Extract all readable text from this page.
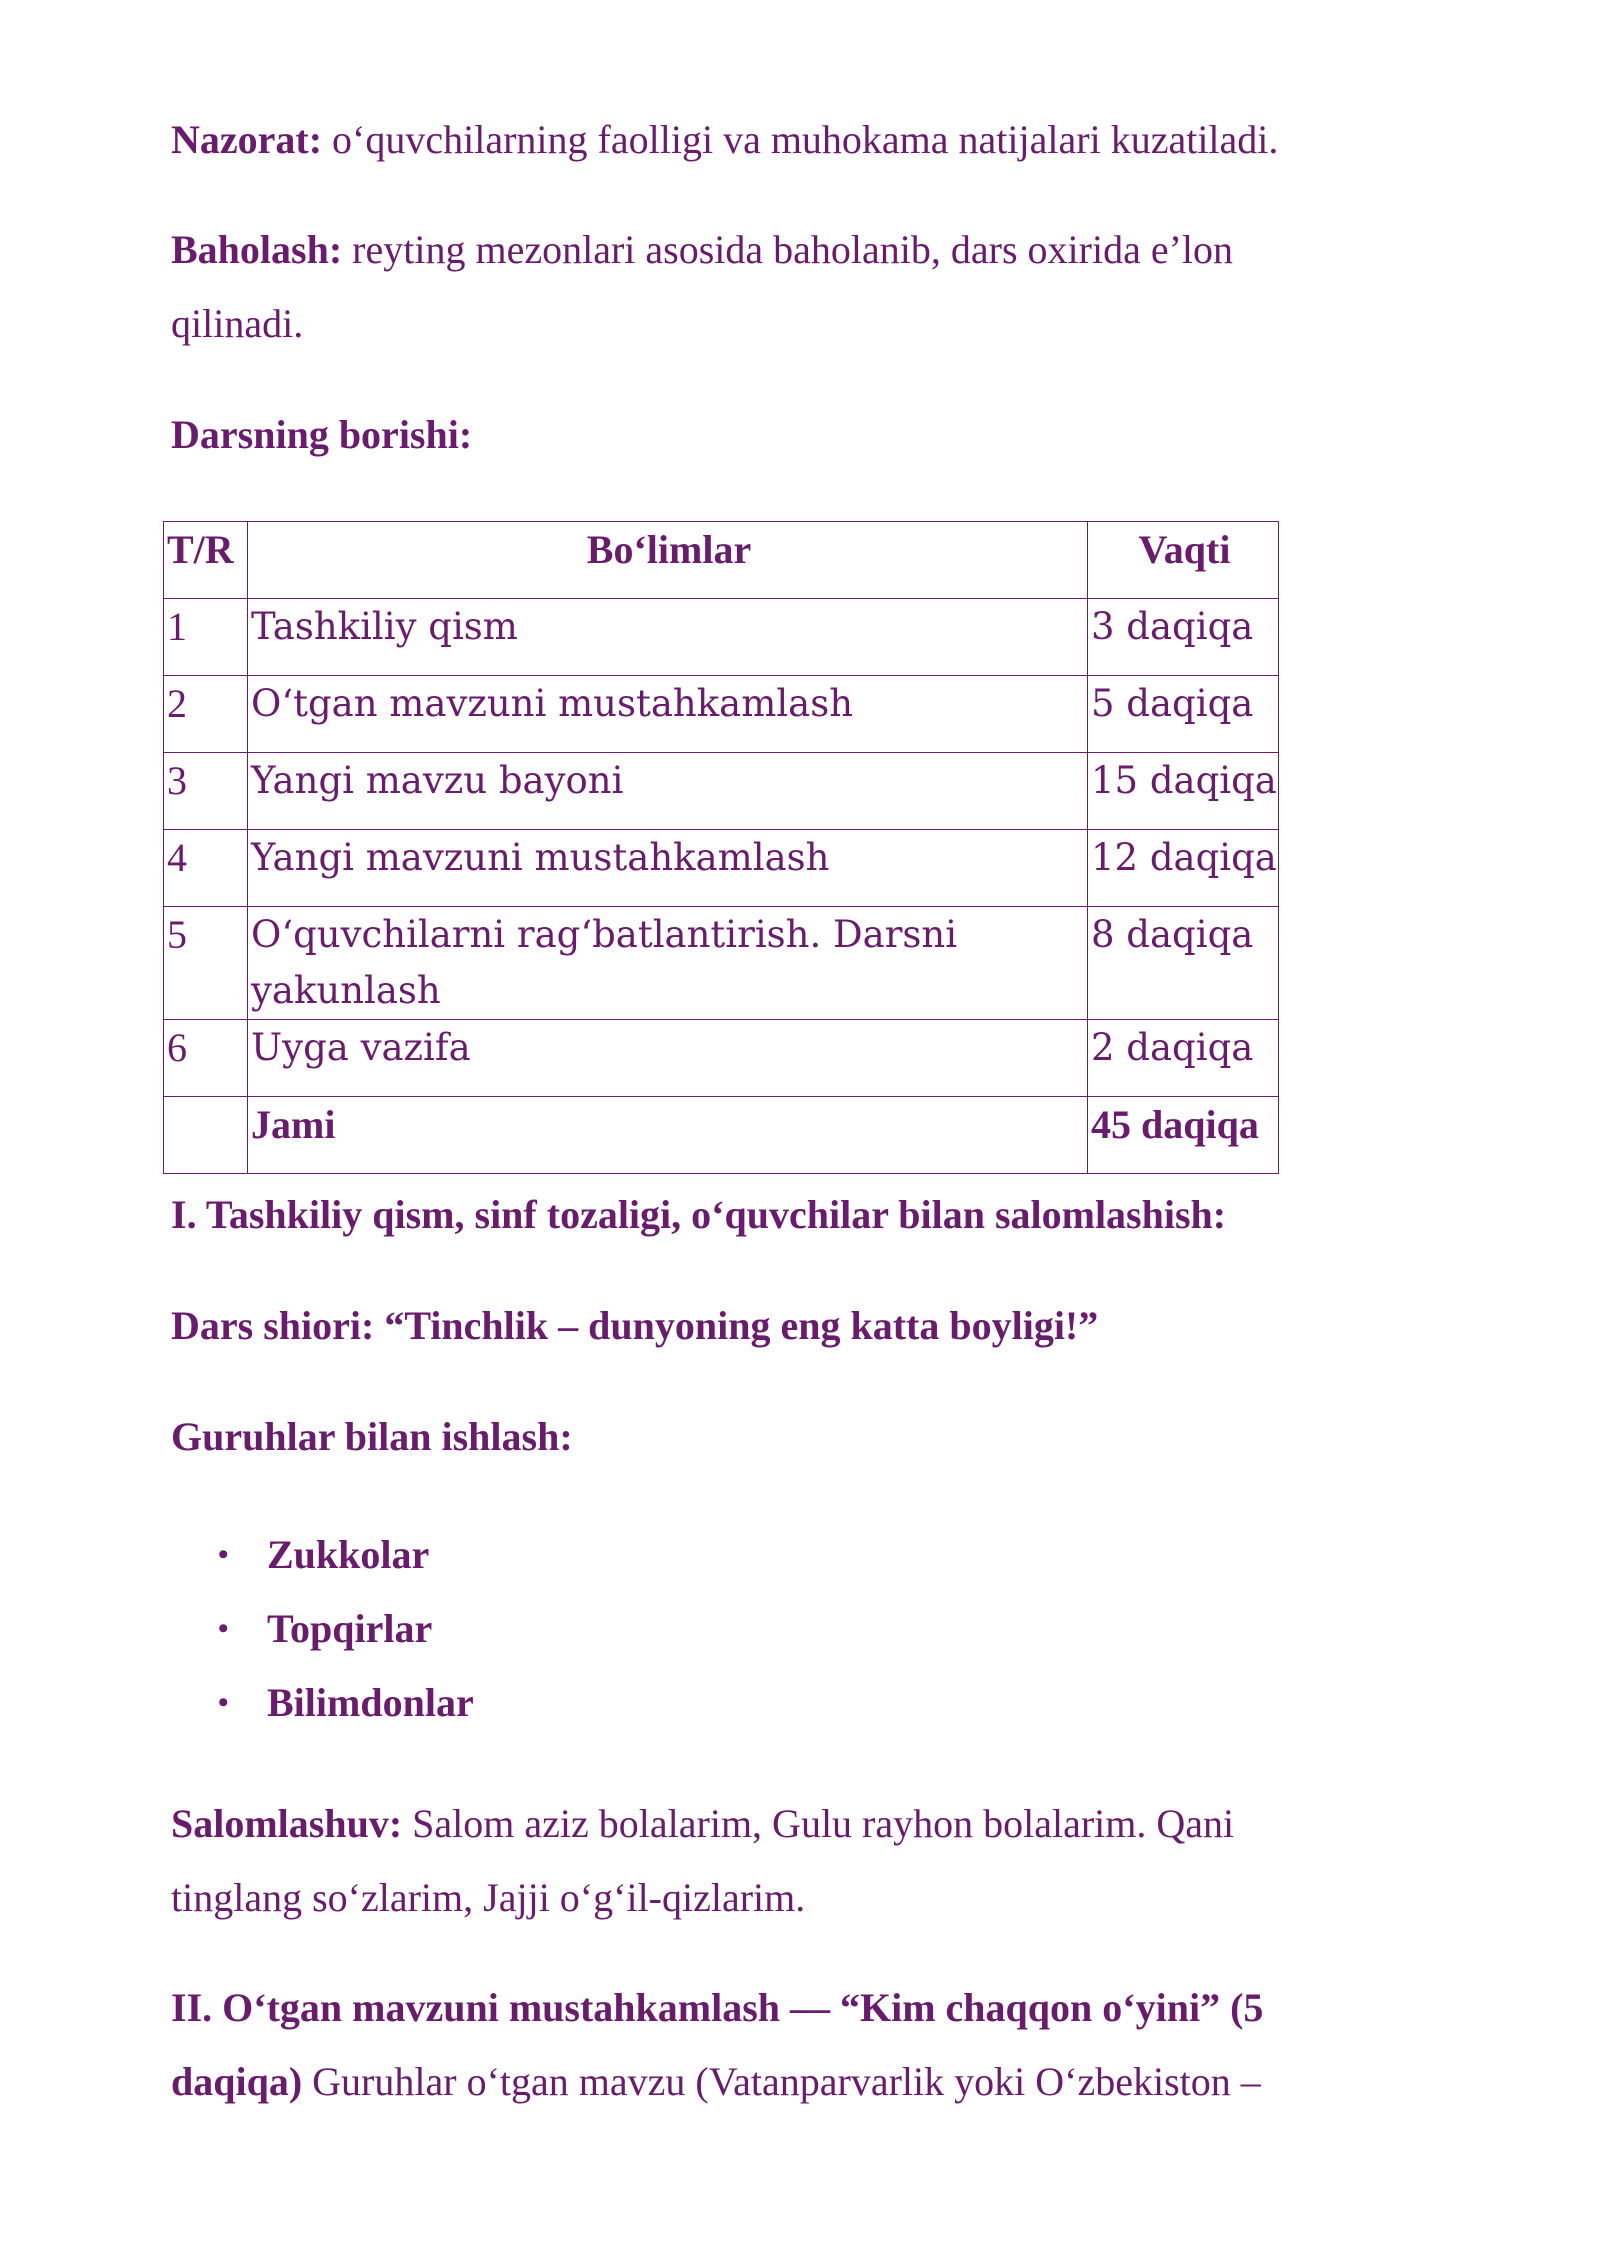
Nazorat: o‘quvchilarning faolligi va muhokama natijalari kuzatiladi.

Baholash: reyting mezonlari asosida baholanib, dars oxirida e’lon qilinadi.

Darsning borishi:

T/R	Bo‘limlar	Vaqti
1	Tashkiliy qism	3 daqiqa
2	O‘tgan mavzuni mustahkamlash	5 daqiqa
3	Yangi mavzu bayoni	15 daqiqa
4	Yangi mavzuni mustahkamlash	12 daqiqa
5	O‘quvchilarni rag‘batlantirish. Darsni yakunlash	8 daqiqa
6	Uyga vazifa	2 daqiqa
	Jami	45 daqiqa

I. Tashkiliy qism, sinf tozaligi, o‘quvchilar bilan salomlashish:

Dars shiori: “Tinchlik – dunyoning eng katta boyligi!”

Guruhlar bilan ishlash:

• Zukkolar
• Topqirlar
• Bilimdonlar

Salomlashuv: Salom aziz bolalarim, Gulu rayhon bolalarim. Qani tinglang so‘zlarim, Jajji o‘g‘il-qizlarim.

II. O‘tgan mavzuni mustahkamlash — “Kim chaqqon o‘yini” (5 daqiqa) Guruhlar o‘tgan mavzu (Vatanparvarlik yoki O‘zbekiston –
